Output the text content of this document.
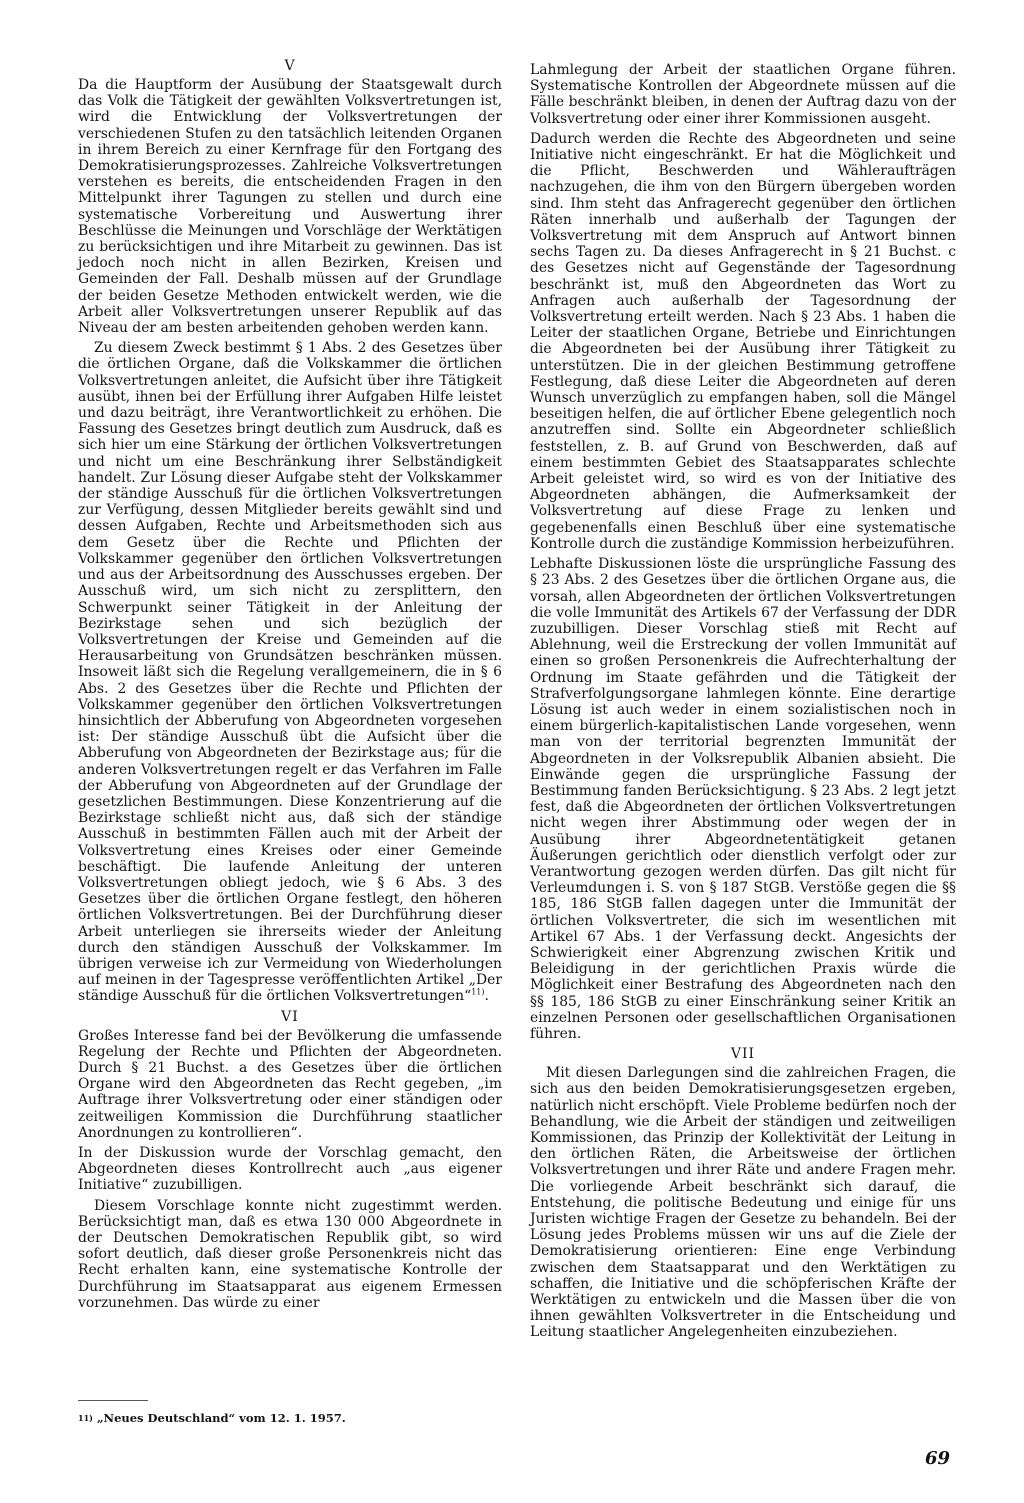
V

Da die Hauptform der Ausübung der Staatsgewalt durch das Volk die Tätigkeit der gewählten Volksvertretungen ist, wird die Entwicklung der Volksvertretungen der verschiedenen Stufen zu den tatsächlich leitenden Organen in ihrem Bereich zu einer Kernfrage für den Fortgang des Demokratisierungsprozesses. Zahlreiche Volksvertretungen verstehen es bereits, die entscheidenden Fragen in den Mittelpunkt ihrer Tagungen zu stellen und durch eine systematische Vorbereitung und Auswertung ihrer Beschlüsse die Meinungen und Vorschläge der Werktätigen zu berücksichtigen und ihre Mitarbeit zu gewinnen. Das ist jedoch noch nicht in allen Bezirken, Kreisen und Gemeinden der Fall. Deshalb müssen auf der Grundlage der beiden Gesetze Methoden entwickelt werden, wie die Arbeit aller Volksvertretungen unserer Republik auf das Niveau der am besten arbeitenden gehoben werden kann.

Zu diesem Zweck bestimmt § 1 Abs. 2 des Gesetzes über die örtlichen Organe, daß die Volkskammer die örtlichen Volksvertretungen anleitet, die Aufsicht über ihre Tätigkeit ausübt, ihnen bei der Erfüllung ihrer Aufgaben Hilfe leistet und dazu beiträgt, ihre Verantwortlichkeit zu erhöhen. Die Fassung des Gesetzes bringt deutlich zum Ausdruck, daß es sich hier um eine Stärkung der örtlichen Volksvertretungen und nicht um eine Beschränkung ihrer Selbständigkeit handelt. Zur Lösung dieser Aufgabe steht der Volkskammer der ständige Ausschuß für die örtlichen Volksvertretungen zur Verfügung, dessen Mitglieder bereits gewählt sind und dessen Aufgaben, Rechte und Arbeitsmethoden sich aus dem Gesetz über die Rechte und Pflichten der Volkskammer gegenüber den örtlichen Volksvertretungen und aus der Arbeitsordnung des Ausschusses ergeben. Der Ausschuß wird, um sich nicht zu zersplittern, den Schwerpunkt seiner Tätigkeit in der Anleitung der Bezirkstage sehen und sich bezüglich der Volksvertretungen der Kreise und Gemeinden auf die Herausarbeitung von Grundsätzen beschränken müssen. Insoweit läßt sich die Regelung verallgemeinern, die in § 6 Abs. 2 des Gesetzes über die Rechte und Pflichten der Volkskammer gegenüber den örtlichen Volksvertretungen hinsichtlich der Abberufung von Abgeordneten vorgesehen ist: Der ständige Ausschuß übt die Aufsicht über die Abberufung von Abgeordneten der Bezirkstage aus; für die anderen Volksvertretungen regelt er das Verfahren im Falle der Abberufung von Abgeordneten auf der Grundlage der gesetzlichen Bestimmungen. Diese Konzentrierung auf die Bezirkstage schließt nicht aus, daß sich der ständige Ausschuß in bestimmten Fällen auch mit der Arbeit der Volksvertretung eines Kreises oder einer Gemeinde beschäftigt. Die laufende Anleitung der unteren Volksvertretungen obliegt jedoch, wie § 6 Abs. 3 des Gesetzes über die örtlichen Organe festlegt, den höheren örtlichen Volksvertretungen. Bei der Durchführung dieser Arbeit unterliegen sie ihrerseits wieder der Anleitung durch den ständigen Ausschuß der Volkskammer. Im übrigen verweise ich zur Vermeidung von Wiederholungen auf meinen in der Tagespresse veröffentlichten Artikel „Der ständige Ausschuß für die örtlichen Volksvertretungen“$^{11)}$.

VI

Großes Interesse fand bei der Bevölkerung die umfassende Regelung der Rechte und Pflichten der Abgeordneten. Durch § 21 Buchst. a des Gesetzes über die örtlichen Organe wird den Abgeordneten das Recht gegeben, „im Auftrage ihrer Volksvertretung oder einer ständigen oder zeitweiligen Kommission die Durchführung staatlicher Anordnungen zu kontrollieren“.

In der Diskussion wurde der Vorschlag gemacht, den Abgeordneten dieses Kontrollrecht auch „aus eigener Initiative“ zuzubilligen.

Diesem Vorschlage konnte nicht zugestimmt werden. Berücksichtigt man, daß es etwa 130 000 Abgeordnete in der Deutschen Demokratischen Republik gibt, so wird sofort deutlich, daß dieser große Personenkreis nicht das Recht erhalten kann, eine systematische Kontrolle der Durchführung im Staatsapparat aus eigenem Ermessen vorzunehmen. Das würde zu einer

Lahmlegung der Arbeit der staatlichen Organe führen. Systematische Kontrollen der Abgeordnete müssen auf die Fälle beschränkt bleiben, in denen der Auftrag dazu von der Volksvertretung oder einer ihrer Kommissionen ausgeht.

Dadurch werden die Rechte des Abgeordneten und seine Initiative nicht eingeschränkt. Er hat die Möglichkeit und die Pflicht, Beschwerden und Wähleraufträgen nachzugehen, die ihm von den Bürgern übergeben worden sind. Ihm steht das Anfragerecht gegenüber den örtlichen Räten innerhalb und außerhalb der Tagungen der Volksvertretung mit dem Anspruch auf Antwort binnen sechs Tagen zu. Da dieses Anfragerecht in § 21 Buchst. c des Gesetzes nicht auf Gegenstände der Tagesordnung beschränkt ist, muß den Abgeordneten das Wort zu Anfragen auch außerhalb der Tagesordnung der Volksvertretung erteilt werden. Nach § 23 Abs. 1 haben die Leiter der staatlichen Organe, Betriebe und Einrichtungen die Abgeordneten bei der Ausübung ihrer Tätigkeit zu unterstützen. Die in der gleichen Bestimmung getroffene Festlegung, daß diese Leiter die Abgeordneten auf deren Wunsch unverzüglich zu empfangen haben, soll die Mängel beseitigen helfen, die auf örtlicher Ebene gelegentlich noch anzutreffen sind. Sollte ein Abgeordneter schließlich feststellen, z. B. auf Grund von Beschwerden, daß auf einem bestimmten Gebiet des Staatsapparates schlechte Arbeit geleistet wird, so wird es von der Initiative des Abgeordneten abhängen, die Aufmerksamkeit der Volksvertretung auf diese Frage zu lenken und gegebenenfalls einen Beschluß über eine systematische Kontrolle durch die zuständige Kommission herbeizuführen.

Lebhafte Diskussionen löste die ursprüngliche Fassung des § 23 Abs. 2 des Gesetzes über die örtlichen Organe aus, die vorsah, allen Abgeordneten der örtlichen Volksvertretungen die volle Immunität des Artikels 67 der Verfassung der DDR zuzubilligen. Dieser Vorschlag stieß mit Recht auf Ablehnung, weil die Erstreckung der vollen Immunität auf einen so großen Personenkreis die Aufrechterhaltung der Ordnung im Staate gefährden und die Tätigkeit der Strafverfolgungsorgane lahmlegen könnte. Eine derartige Lösung ist auch weder in einem sozialistischen noch in einem bürgerlich-kapitalistischen Lande vorgesehen, wenn man von der territorial begrenzten Immunität der Abgeordneten in der Volksrepublik Albanien absieht. Die Einwände gegen die ursprüngliche Fassung der Bestimmung fanden Berücksichtigung. § 23 Abs. 2 legt jetzt fest, daß die Abgeordneten der örtlichen Volksvertretungen nicht wegen ihrer Abstimmung oder wegen der in Ausübung ihrer Abgeordnetentätigkeit getanen Äußerungen gerichtlich oder dienstlich verfolgt oder zur Verantwortung gezogen werden dürfen. Das gilt nicht für Verleumdungen i. S. von § 187 StGB. Verstöße gegen die §§ 185, 186 StGB fallen dagegen unter die Immunität der örtlichen Volksvertreter, die sich im wesentlichen mit Artikel 67 Abs. 1 der Verfassung deckt. Angesichts der Schwierigkeit einer Abgrenzung zwischen Kritik und Beleidigung in der gerichtlichen Praxis würde die Möglichkeit einer Bestrafung des Abgeordneten nach den §§ 185, 186 StGB zu einer Einschränkung seiner Kritik an einzelnen Personen oder gesellschaftlichen Organisationen führen.

VII

Mit diesen Darlegungen sind die zahlreichen Fragen, die sich aus den beiden Demokratisierungsgesetzen ergeben, natürlich nicht erschöpft. Viele Probleme bedürfen noch der Behandlung, wie die Arbeit der ständigen und zeitweiligen Kommissionen, das Prinzip der Kollektivität der Leitung in den örtlichen Räten, die Arbeitsweise der örtlichen Volksvertretungen und ihrer Räte und andere Fragen mehr. Die vorliegende Arbeit beschränkt sich darauf, die Entstehung, die politische Bedeutung und einige für uns Juristen wichtige Fragen der Gesetze zu behandeln. Bei der Lösung jedes Problems müssen wir uns auf die Ziele der Demokratisierung orientieren: Eine enge Verbindung zwischen dem Staatsapparat und den Werktätigen zu schaffen, die Initiative und die schöpferischen Kräfte der Werktätigen zu entwickeln und die Massen über die von ihnen gewählten Volksvertreter in die Entscheidung und Leitung staatlicher Angelegenheiten einzubeziehen.

$^{11)}$ „Neues Deutschland“ vom 12. 1. 1957.
69
